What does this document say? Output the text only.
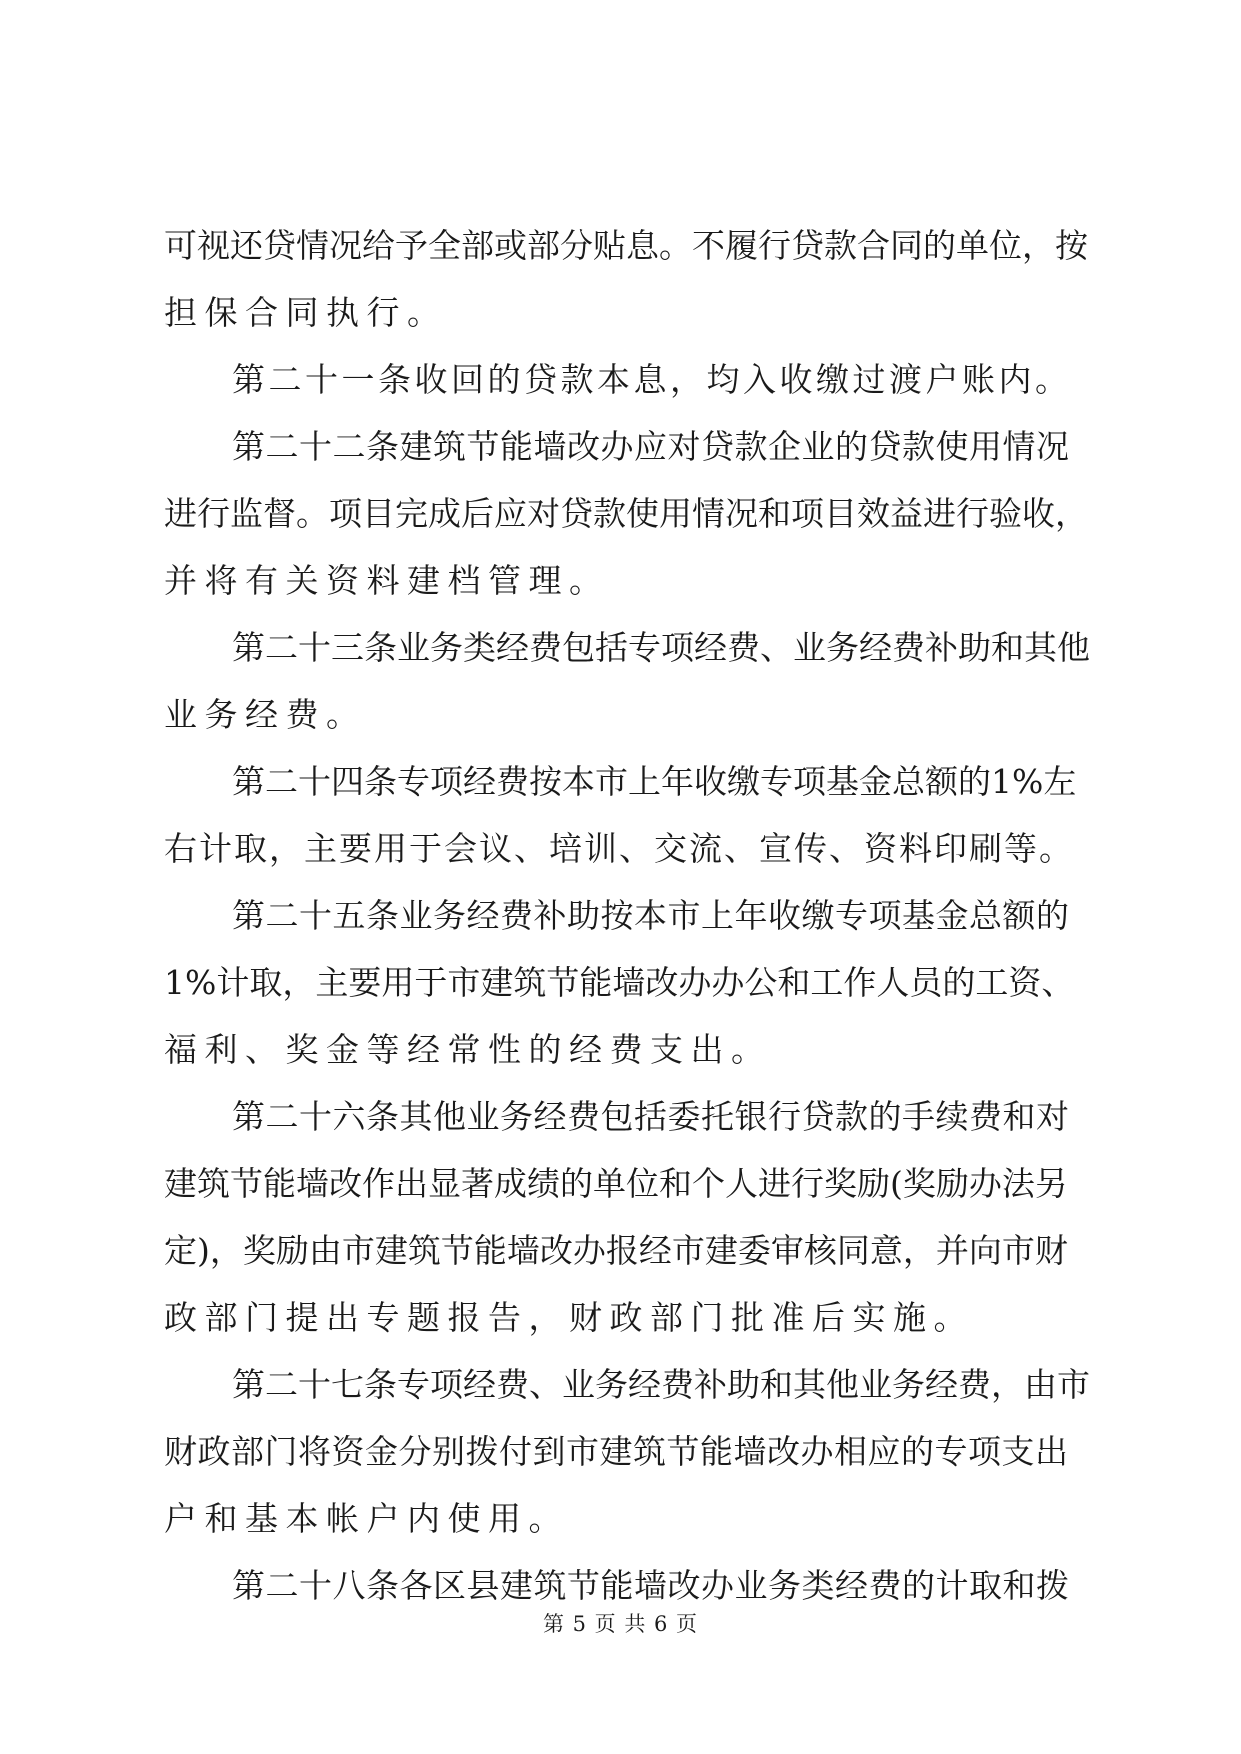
可视还贷情况给予全部或部分贴息。不履行贷款合同的单位，按

担保合同执行。

第二十一条收回的贷款本息，均入收缴过渡户账内。

第二十二条建筑节能墙改办应对贷款企业的贷款使用情况

进行监督。项目完成后应对贷款使用情况和项目效益进行验收，

并将有关资料建档管理。

第二十三条业务类经费包括专项经费、业务经费补助和其他

业务经费。

第二十四条专项经费按本市上年收缴专项基金总额的1%左

右计取，主要用于会议、培训、交流、宣传、资料印刷等。

第二十五条业务经费补助按本市上年收缴专项基金总额的

1%计取，主要用于市建筑节能墙改办办公和工作人员的工资、

福利、奖金等经常性的经费支出。

第二十六条其他业务经费包括委托银行贷款的手续费和对

建筑节能墙改作出显著成绩的单位和个人进行奖励(奖励办法另

定)，奖励由市建筑节能墙改办报经市建委审核同意，并向市财

政部门提出专题报告，财政部门批准后实施。

第二十七条专项经费、业务经费补助和其他业务经费，由市

财政部门将资金分别拨付到市建筑节能墙改办相应的专项支出

户和基本帐户内使用。

第二十八条各区县建筑节能墙改办业务类经费的计取和拨

第 5 页 共 6 页
